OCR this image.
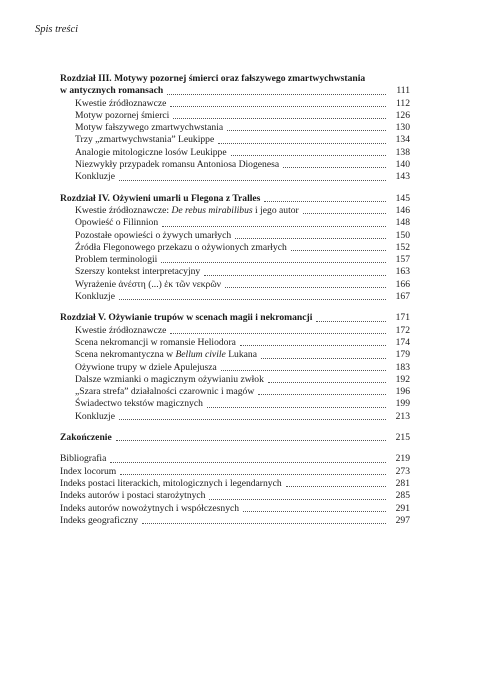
Spis treści
Rozdział III. Motywy pozornej śmierci oraz fałszywego zmartwychwstania
w antycznych romansach	111
Kwestie źródłoznawcze	112
Motyw pozornej śmierci	126
Motyw fałszywego zmartwychwstania	130
Trzy „zmartwychwstania” Leukippe	134
Analogie mitologiczne losów Leukippe	138
Niezwykły przypadek romansu Antoniosa Diogenesa	140
Konkluzje	143
Rozdział IV. Ożywieni umarli u Flegona z Tralles	145
Kwestie źródłoznawcze: De rebus mirabilibus i jego autor	146
Opowieść o Filinnion	148
Pozostałe opowieści o żywych umarłych	150
Źródła Flegonowego przekazu o ożywionych zmarłych	152
Problem terminologii	157
Szerszy kontekst interpretacyjny	163
Wyrażenie ἀνέστη (...) ἐκ τῶν νεκρῶν	166
Konkluzje	167
Rozdział V. Ożywianie trupów w scenach magii i nekromancji	171
Kwestie źródłoznawcze	172
Scena nekromancji w romansie Heliodora	174
Scena nekromantyczna w Bellum civile Lukana	179
Ożywione trupy w dziele Apulejusza	183
Dalsze wzmianki o magicznym ożywianiu zwłok	192
„Szara strefa” działalności czarownic i magów	196
Świadectwo tekstów magicznych	199
Konkluzje	213
Zakończenie	215
Bibliografia	219
Index locorum	273
Indeks postaci literackich, mitologicznych i legendarnych	281
Indeks autorów i postaci starożytnych	285
Indeks autorów nowożytnych i współczesnych	291
Indeks geograficzny	297
